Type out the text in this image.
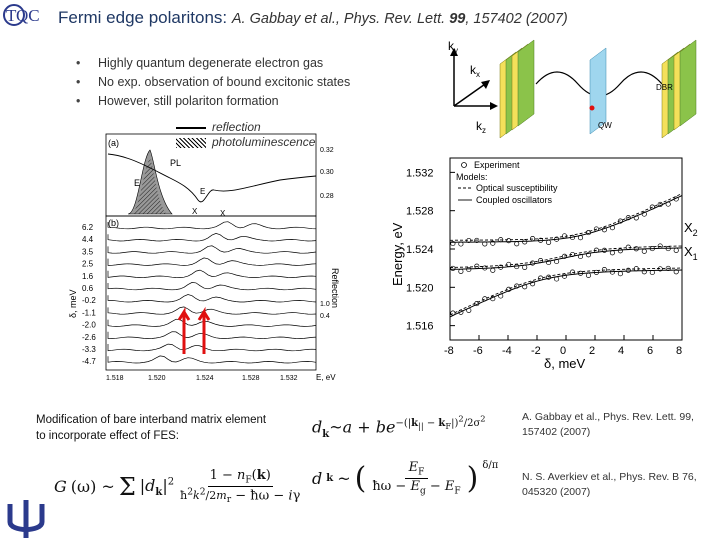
T QC Fermi edge polaritons: A. Gabbay et al., Phys. Rev. Lett. 99, 157402 (2007)
• Highly quantum degenerate electron gas
• No exp. observation of bound excitonic states
• However, still polariton formation
reflection
photoluminescence
(a)
PL
E
E
X	X
0.32
0.30
0.28
(b)
6.2
4.4
3.5
2.5
1.6
0.6
-0.2
-1.1
-2.0
-2.6
-3.3
-4.7
δ, meV	Reflection
1.0
0.4
1.518	1.520	1.524	1.528	1.532 E, eV
$k_y$
$k_x$
$k_z$
QW
DBR
1.532
1.528
1.524
1.520
1.516
-8 -6 -4 -2 0 2 4 6 8
Energy, eV
δ, meV
Experiment
Models:
Optical susceptibility
Coupled oscillators
$X_2$
$X_1$
Modification of bare interband matrix element to incorporate effect of FES:	$d_k\sim a + be^{-(|k_{||} - k_F|)^2/2\sigma^2}$
G (ω) ~ Σ $|d_k|^2$	$1 - n_F(k)$
$ħ^2k^2/2m_r$ − ħω − iγ
d k ~ (	$E_F$
ħω − $E_g - E_F$ ) $^{\delta/\pi}$
A. Gabbay et al., Phys. Rev. Lett. 99, 157402 (2007)
N. S. Averkiev et al., Phys. Rev. B 76, 045320 (2007)
